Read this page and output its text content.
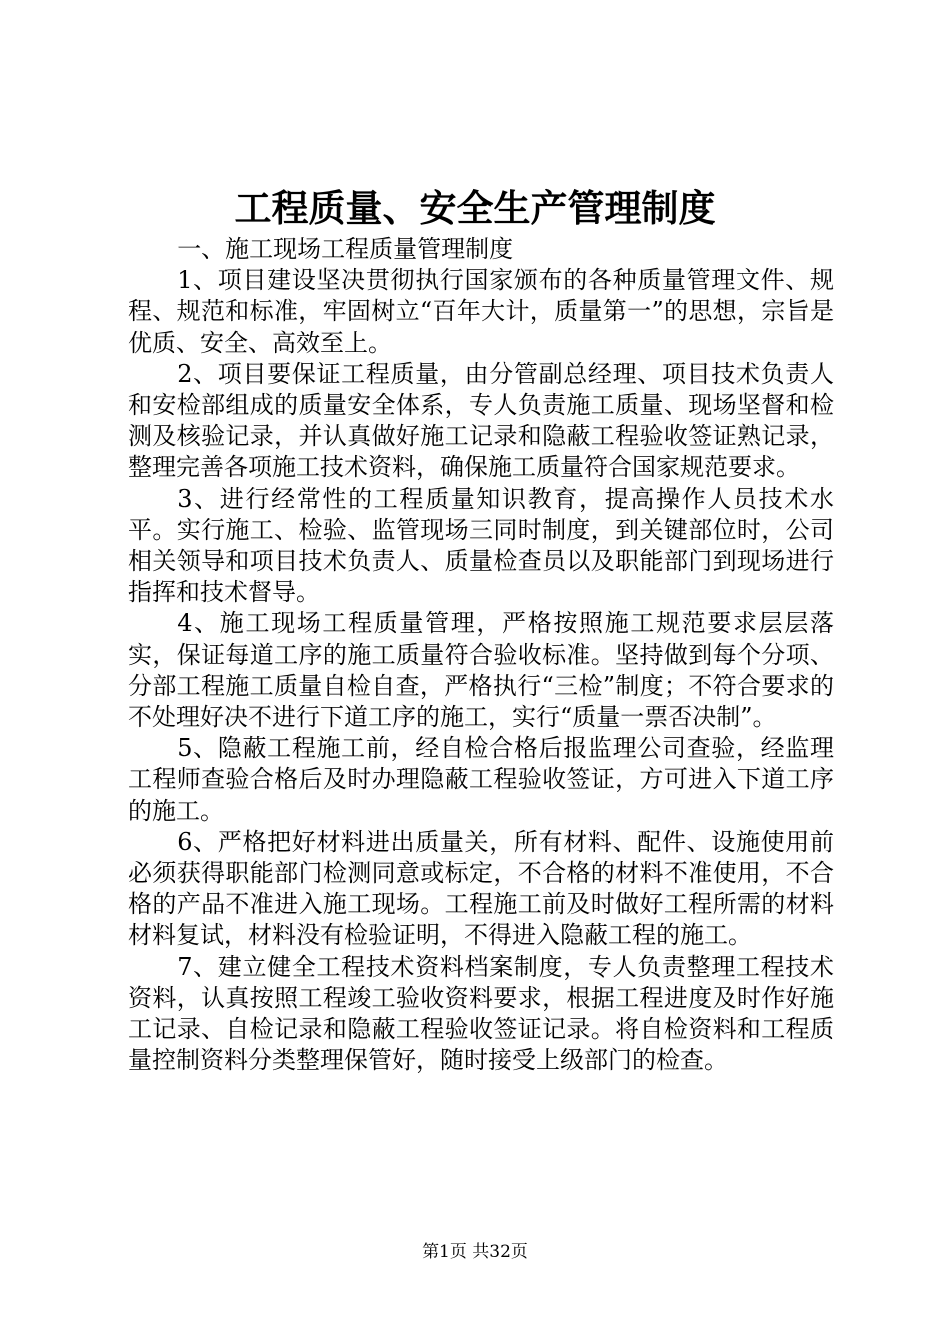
工程质量、安全生产管理制度

一、施工现场工程质量管理制度

1、项目建设坚决贯彻执行国家颁布的各种质量管理文件、规程、规范和标准，牢固树立“百年大计，质量第一”的思想，宗旨是优质、安全、高效至上。

2、项目要保证工程质量，由分管副总经理、项目技术负责人和安检部组成的质量安全体系，专人负责施工质量、现场坚督和检测及核验记录，并认真做好施工记录和隐蔽工程验收签证熟记录，整理完善各项施工技术资料，确保施工质量符合国家规范要求。

3、进行经常性的工程质量知识教育，提高操作人员技术水平。实行施工、检验、监管现场三同时制度，到关键部位时，公司相关领导和项目技术负责人、质量检查员以及职能部门到现场进行指挥和技术督导。

4、施工现场工程质量管理，严格按照施工规范要求层层落实，保证每道工序的施工质量符合验收标准。坚持做到每个分项、分部工程施工质量自检自查，严格执行“三检”制度；不符合要求的不处理好决不进行下道工序的施工，实行“质量一票否决制”。

5、隐蔽工程施工前，经自检合格后报监理公司查验，经监理工程师查验合格后及时办理隐蔽工程验收签证，方可进入下道工序的施工。

6、严格把好材料进出质量关，所有材料、配件、设施使用前必须获得职能部门检测同意或标定，不合格的材料不准使用，不合格的产品不准进入施工现场。工程施工前及时做好工程所需的材料材料复试，材料没有检验证明，不得进入隐蔽工程的施工。

7、建立健全工程技术资料档案制度，专人负责整理工程技术资料，认真按照工程竣工验收资料要求，根据工程进度及时作好施工记录、自检记录和隐蔽工程验收签证记录。将自检资料和工程质量控制资料分类整理保管好，随时接受上级部门的检查。

第1页 共32页
